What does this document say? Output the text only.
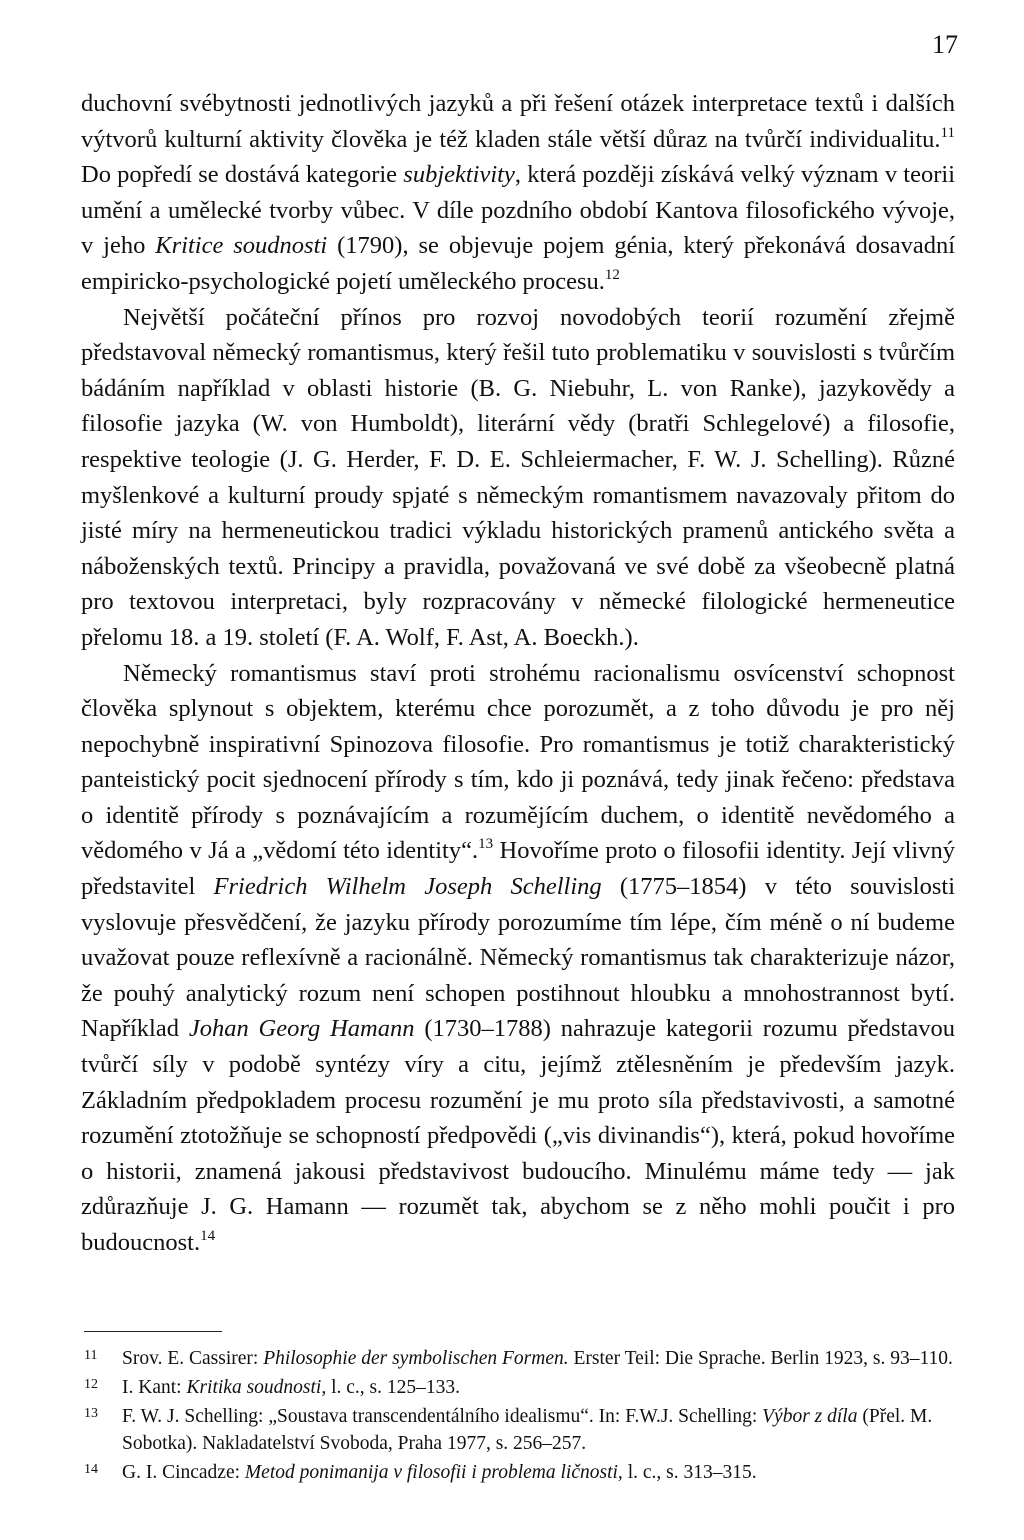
17

duchovní svébytnosti jednotlivých jazyků a při řešení otázek interpretace textů i dalších výtvorů kulturní aktivity člověka je též kladen stále větší důraz na tvůrčí individualitu.$^{11}$ Do popředí se dostává kategorie subjektivity, která později získává velký význam v teorii umění a umělecké tvorby vůbec. V díle pozdního období Kantova filosofického vývoje, v jeho Kritice soudnosti (1790), se objevuje pojem génia, který překonává dosavadní empiricko-psychologické pojetí uměleckého procesu.$^{12}$

Největší počáteční přínos pro rozvoj novodobých teorií rozumění zřejmě představoval německý romantismus, který řešil tuto problematiku v souvislosti s tvůrčím bádáním například v oblasti historie (B. G. Niebuhr, L. von Ranke), jazykovědy a filosofie jazyka (W. von Humboldt), literární vědy (bratři Schlegelové) a filosofie, respektive teologie (J. G. Herder, F. D. E. Schleiermacher, F. W. J. Schelling). Různé myšlenkové a kulturní proudy spjaté s německým romantismem navazovaly přitom do jisté míry na hermeneutickou tradici výkladu historických pramenů antického světa a náboženských textů. Principy a pravidla, považovaná ve své době za všeobecně platná pro textovou interpretaci, byly rozpracovány v německé filologické hermeneutice přelomu 18. a 19. století (F. A. Wolf, F. Ast, A. Boeckh.).

Německý romantismus staví proti strohému racionalismu osvícenství schopnost člověka splynout s objektem, kterému chce porozumět, a z toho důvodu je pro něj nepochybně inspirativní Spinozova filosofie. Pro romantismus je totiž charakteristický panteistický pocit sjednocení přírody s tím, kdo ji poznává, tedy jinak řečeno: představa o identitě přírody s poznávajícím a rozumějícím duchem, o identitě nevědomého a vědomého v Já a „vědomí této identity“.$^{13}$ Hovoříme proto o filosofii identity. Její vlivný představitel Friedrich Wilhelm Joseph Schelling (1775–1854) v této souvislosti vyslovuje přesvědčení, že jazyku přírody porozumíme tím lépe, čím méně o ní budeme uvažovat pouze reflexívně a racionálně. Německý romantismus tak charakterizuje názor, že pouhý analytický rozum není schopen postihnout hloubku a mnohostrannost bytí. Například Johan Georg Hamann (1730–1788) nahrazuje kategorii rozumu představou tvůrčí síly v podobě syntézy víry a citu, jejímž ztělesněním je především jazyk. Základním předpokladem procesu rozumění je mu proto síla představivosti, a samotné rozumění ztotožňuje se schopností předpovědi („vis divinandis“), která, pokud hovoříme o historii, znamená jakousi představivost budoucího. Minulému máme tedy — jak zdůrazňuje J. G. Hamann — rozumět tak, abychom se z něho mohli poučit i pro budoucnost.$^{14}$

11	Srov. E. Cassirer: Philosophie der symbolischen Formen. Erster Teil: Die Sprache. Berlin 1923, s. 93–110.
12	I. Kant: Kritika soudnosti, l. c., s. 125–133.
13	F. W. J. Schelling: „Soustava transcendentálního idealismu“. In: F.W.J. Schelling: Výbor z díla (Přel. M. Sobotka). Nakladatelství Svoboda, Praha 1977, s. 256–257.
14	G. I. Cincadze: Metod ponimanija v filosofii i problema ličnosti, l. c., s. 313–315.
